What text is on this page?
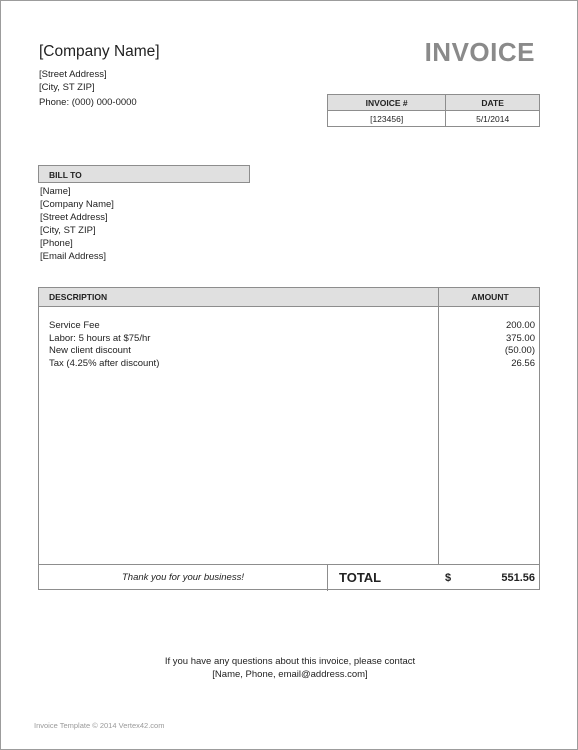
[Company Name]
[Street Address]
[City, ST ZIP]
Phone: (000) 000-0000
INVOICE
INVOICE #	DATE
[123456]	5/1/2014
BILL TO
[Name]
[Company Name]
[Street Address]
[City, ST ZIP]
[Phone]
[Email Address]
DESCRIPTION	AMOUNT
Service Fee	200.00
Labor: 5 hours at $75/hr	375.00
New client discount	(50.00)
Tax (4.25% after discount)	26.56
Thank you for your business!	TOTAL	$	551.56
If you have any questions about this invoice, please contact
[Name, Phone, email@address.com]
Invoice Template © 2014 Vertex42.com
